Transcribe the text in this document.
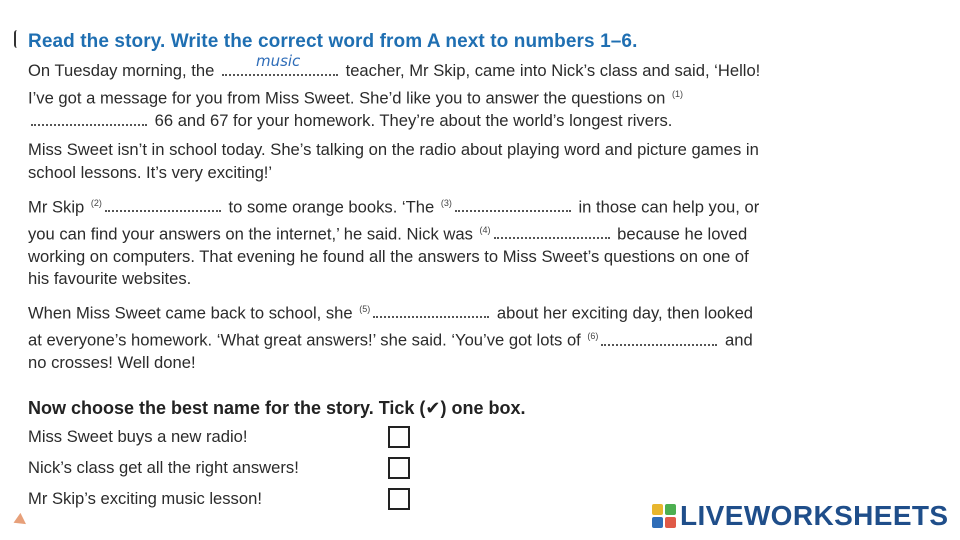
Read the story. Write the correct word from A next to numbers 1–6.

On Tuesday morning, the	music	teacher, Mr Skip, came into Nick’s class and said, ‘Hello! I’ve got a message for you from Miss Sweet. She’d like you to answer the questions on $^{(1)}$
66 and 67 for your homework. They’re about the world’s longest rivers.

Miss Sweet isn’t in school today. She’s talking on the radio about playing word and picture games in school lessons. It’s very exciting!’

Mr Skip $^{(2)}$	to some orange books. ‘The $^{(3)}$	in those can help you, or you can find your answers on the internet,’ he said. Nick was $^{(4)}$	because he loved working on computers. That evening he found all the answers to Miss Sweet’s questions on one of his favourite websites.

When Miss Sweet came back to school, she $^{(5)}$	about her exciting day, then looked at everyone’s homework. ‘What great answers!’ she said. ‘You’ve got lots of $^{(6)}$	and no crosses! Well done!

Now choose the best name for the story. Tick (✔) one box.
Miss Sweet buys a new radio!
Nick’s class get all the right answers!
Mr Skip’s exciting music lesson!
LIVEWORKSHEETS
